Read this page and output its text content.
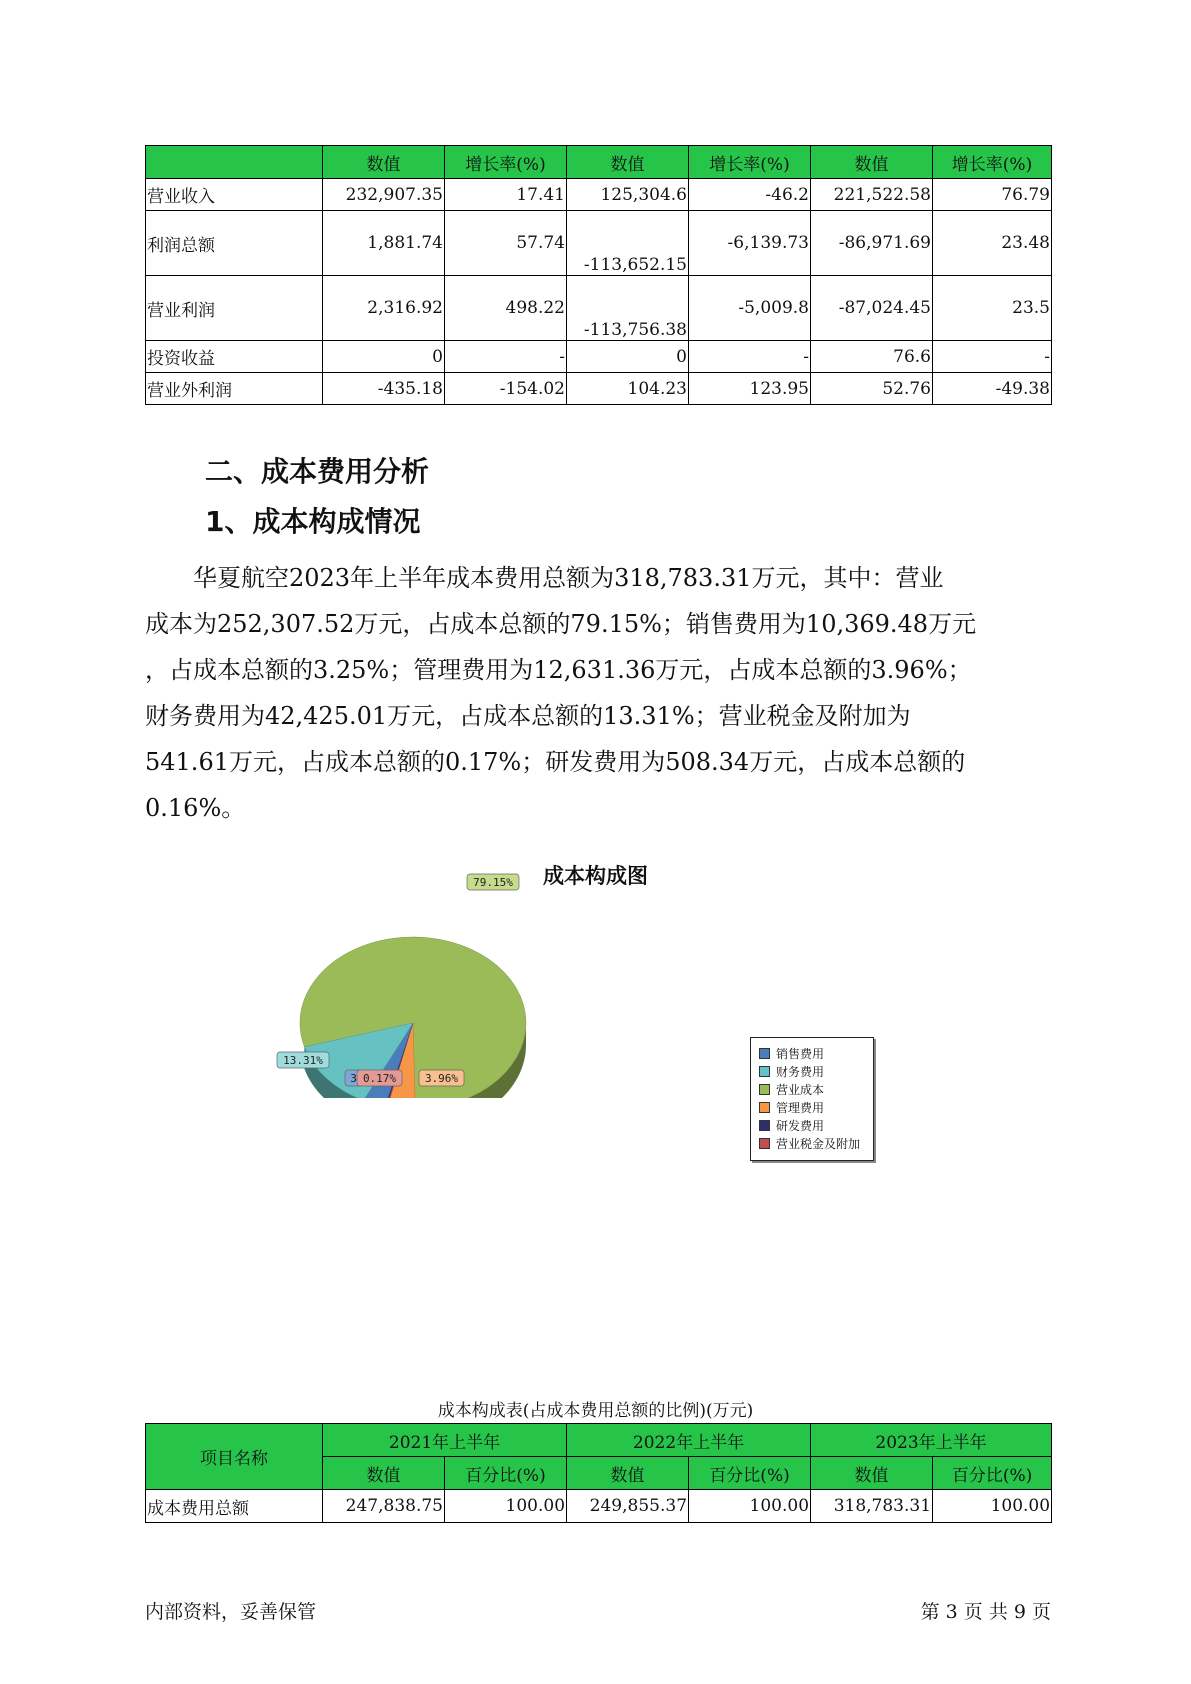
	数值	增长率(%)	数值	增长率(%)	数值	增长率(%)
营业收入	232,907.35	17.41	125,304.6	-46.2	221,522.58	76.79
利润总额	1,881.74	57.74	-113,652.15	-6,139.73	-86,971.69	23.48
营业利润	2,316.92	498.22	-113,756.38	-5,009.8	-87,024.45	23.5
投资收益	0	-	0	-	76.6	-
营业外利润	-435.18	-154.02	104.23	123.95	52.76	-49.38
二、成本费用分析
1、成本构成情况

华夏航空2023年上半年成本费用总额为318,783.31万元，其中：营业
成本为252,307.52万元，占成本总额的79.15%；销售费用为10,369.48万元
，占成本总额的3.25%；管理费用为12,631.36万元，占成本总额的3.96%；
财务费用为42,425.01万元，占成本总额的13.31%；营业税金及附加为
541.61万元，占成本总额的0.17%；研发费用为508.34万元，占成本总额的
0.16%。

成本构成图

79.15%
13.31%
3 0.17%	3.96%
销售费用
财务费用
营业成本
管理费用
研发费用
营业税金及附加

成本构成表(占成本费用总额的比例)(万元)

项目名称	2021年上半年		2022年上半年		2023年上半年	
	数值	百分比(%)	数值	百分比(%)	数值	百分比(%)
成本费用总额	247,838.75	100.00	249,855.37	100.00	318,783.31	100.00

内部资料，妥善保管	第 3 页 共 9 页
